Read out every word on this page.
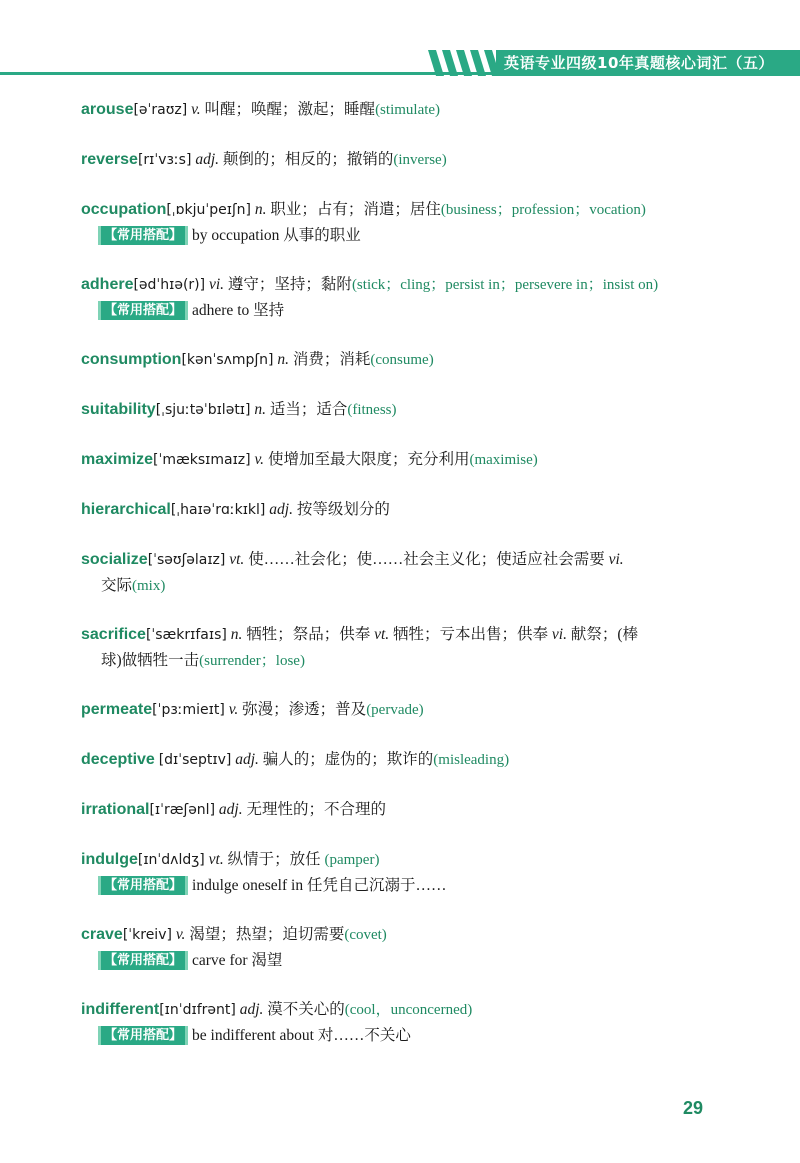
英语专业四级10年真题核心词汇（五）
arouse[əˈraʊz] v. 叫醒；唤醒；激起；睡醒(stimulate)
reverse[rɪˈvɜːs] adj. 颠倒的；相反的；撤销的(inverse)
occupation[ˌɒkjuˈpeɪʃn] n. 职业；占有；消遣；居住(business；profession；vocation)
【常用搭配】 by occupation 从事的职业
adhere[ədˈhɪə(r)] vi. 遵守；坚持；黏附(stick；cling；persist in；persevere in；insist on)
【常用搭配】 adhere to 坚持
consumption[kənˈsʌmpʃn] n. 消费；消耗(consume)
suitability[ˌsjuːtəˈbɪlətɪ] n. 适当；适合(fitness)
maximize[ˈmæksɪmaɪz] v. 使增加至最大限度；充分利用(maximise)
hierarchical[ˌhaɪəˈrɑːkɪkl] adj. 按等级划分的
socialize[ˈsəʊʃəlaɪz] vt. 使……社会化；使……社会主义化；使适应社会需要 vi.
交际(mix)
sacrifice[ˈsækrɪfaɪs] n. 牺牲；祭品；供奉 vt. 牺牲；亏本出售；供奉 vi. 献祭；(棒
球)做牺牲一击(surrender；lose)
permeate[ˈpɜːmieɪt] v. 弥漫；渗透；普及(pervade)
deceptive [dɪˈseptɪv] adj. 骗人的；虚伪的；欺诈的(misleading)
irrational[ɪˈræʃənl] adj. 无理性的；不合理的
indulge[ɪnˈdʌldʒ] vt. 纵情于；放任 (pamper)
【常用搭配】 indulge oneself in 任凭自己沉溺于……
crave[ˈkreiv] v. 渴望；热望；迫切需要(covet)
【常用搭配】 carve for 渴望
indifferent[ɪnˈdɪfrənt] adj. 漠不关心的(cool，unconcerned)
【常用搭配】 be indifferent about 对……不关心
29
